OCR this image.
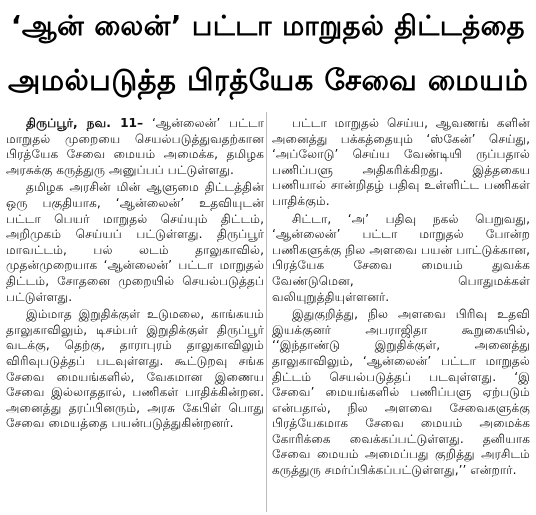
‘ஆன் லைன்’ பட்டா மாறுதல் திட்டத்தை
அமல்படுத்த பிரத்யேக சேவை மையம்

திருப்பூர், நவ. 11– ‘ஆன்லைன்’ பட்டா மாறுதல் முறையை செயல்படுத்துவதற்கான பிரத்யேக சேவை மையம் அமைக்க, தமிழக அரசுக்கு கருத்துரு அனுப்பப் பட்டுள்ளது.

தமிழக அரசின் மின் ஆளுமை திட்டத்தின் ஒரு பகுதியாக, ‘ஆன்லைன்’ உதவியுடன் பட்டா பெயர் மாறுதல் செய்யும் திட்டம், அறிமுகம் செய்யப் பட்டுள்ளது. திருப்பூர் மாவட்டம், பல் லடம் தாலுகாவில், முதன்முறையாக ‘ஆன்லைன்’ பட்டா மாறுதல் திட்டம், சோதனை முறையில் செயல்படுத்தப் பட்டுள்ளது.

இம்மாத இறுதிக்குள் உடுமலை, காங்கயம் தாலுகாவிலும், டிசம்பர் இறுதிக்குள் திருப்பூர் வடக்கு, தெற்கு, தாராபுரம் தாலுகாவிலும் விரிவுபடுத்தப் படவுள்ளது. கூட்டுறவு சங்க சேவை மையங்களில், வேகமான இணைய சேவை இல்லாததால், பணிகள் பாதிக்கின்றன. அனைத்து தரப்பினரும், அரசு கேபிள் பொது சேவை மையத்தை பயன்படுத்துகின்றனர்.

பட்டா மாறுதல் செய்ய, ஆவணங் களின் அனைத்து பக்கத்தையும் ‘ஸ்கேன்’ செய்து, ‘அப்லோடு’ செய்ய வேண்டியி ருப்பதால் பணிப்பளு அதிகரிக்கிறது. இத்தகைய பணியால் சான்றிதழ் பதிவு உள்ளிட்ட பணிகள் பாதிக்கும்.

சிட்டா, ‘அ’ பதிவு நகல் பெறுவது, ‘ஆன்லைன்’ பட்டா மாறுதல் போன்ற பணிகளுக்கு நில அளவை பயன் பாட்டுக்கான, பிரத்யேக சேவை மையம் துவக்க வேண்டுமென, பொதுமக்கள் வலியுறுத்தியுள்ளனர்.

இதுகுறித்து, நில அளவை பிரிவு உதவி இயக்குனர் அபராஜிதா கூறுகையில், ‘‘இந்தாண்டு இறுதிக்குள், அனைத்து தாலுகாவிலும், ‘ஆன்லைன்’ பட்டா மாறுதல் திட்டம் செயல்படுத்தப் படவுள்ளது. ‘இ சேவை’ மையங்களில் பணிப்பளு ஏற்படும் என்பதால், நில அளவை சேவைகளுக்கு பிரத்யேகமாக சேவை மையம் அமைக்க கோரிக்கை வைக்கப்பட்டுள்ளது. தனியாக சேவை மையம் அமைப்பது குறித்து அரசிடம் கருத்துரு சமர்ப்பிக்கப்பட்டுள்ளது,’’ என்றார்.
